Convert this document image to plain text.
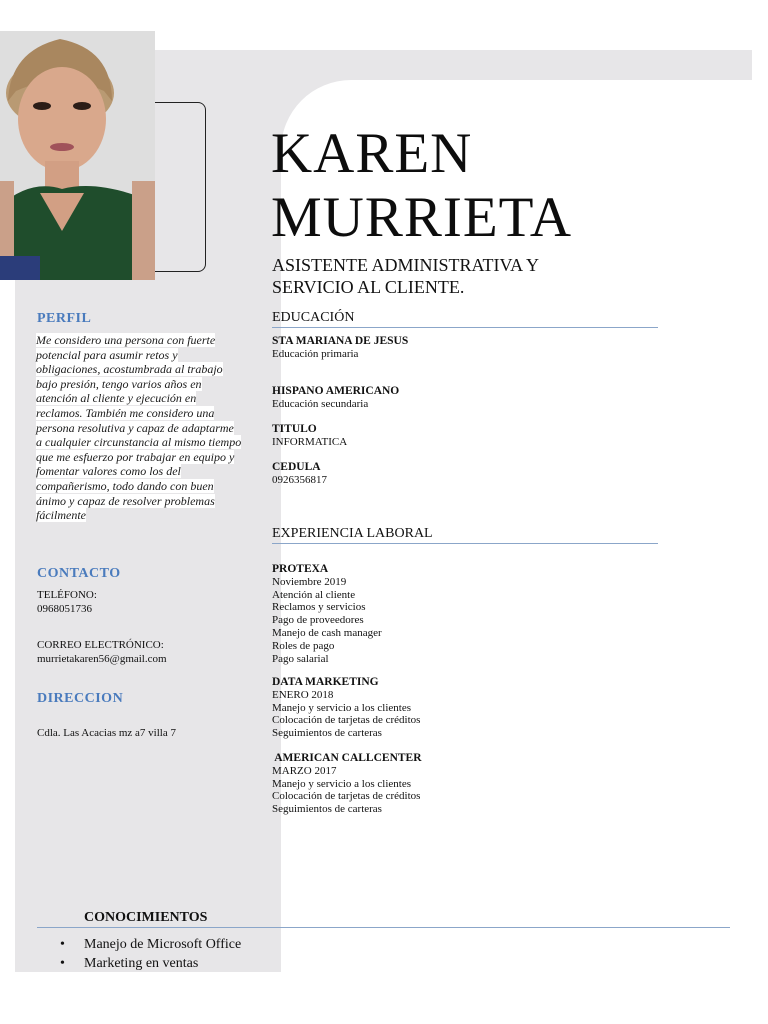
KAREN
MURRIETA
ASISTENTE ADMINISTRATIVA Y
SERVICIO AL CLIENTE.
PERFIL
Me considero una persona con fuerte potencial para asumir retos y obligaciones, acostumbrada al trabajo bajo presión, tengo varios años en atención al cliente y ejecución en reclamos. También me considero una persona resolutiva y capaz de adaptarme a cualquier circunstancia al mismo tiempo que me esfuerzo por trabajar en equipo y fomentar valores como los del compañerismo, todo dando con buen ánimo y capaz de resolver problemas fácilmente
CONTACTO
TELÉFONO:
0968051736
CORREO ELECTRÓNICO:
murrietakaren56@gmail.com
DIRECCION
Cdla. Las Acacias mz a7 villa 7
EDUCACIÓN
STA MARIANA DE JESUS
Educación primaria
HISPANO AMERICANO
Educación secundaria
TITULO
INFORMATICA
CEDULA
0926356817
EXPERIENCIA LABORAL
PROTEXA
Noviembre 2019
Atención al cliente
Reclamos y servicios
Pago de proveedores
Manejo de cash manager
Roles de pago
Pago salarial
DATA MARKETING
ENERO 2018
Manejo y servicio a los clientes
Colocación de tarjetas de créditos
Seguimientos de carteras
AMERICAN CALLCENTER
MARZO 2017
Manejo y servicio a los clientes
Colocación de tarjetas de créditos
Seguimientos de carteras
CONOCIMIENTOS
• Manejo de Microsoft Office
• Marketing en ventas
